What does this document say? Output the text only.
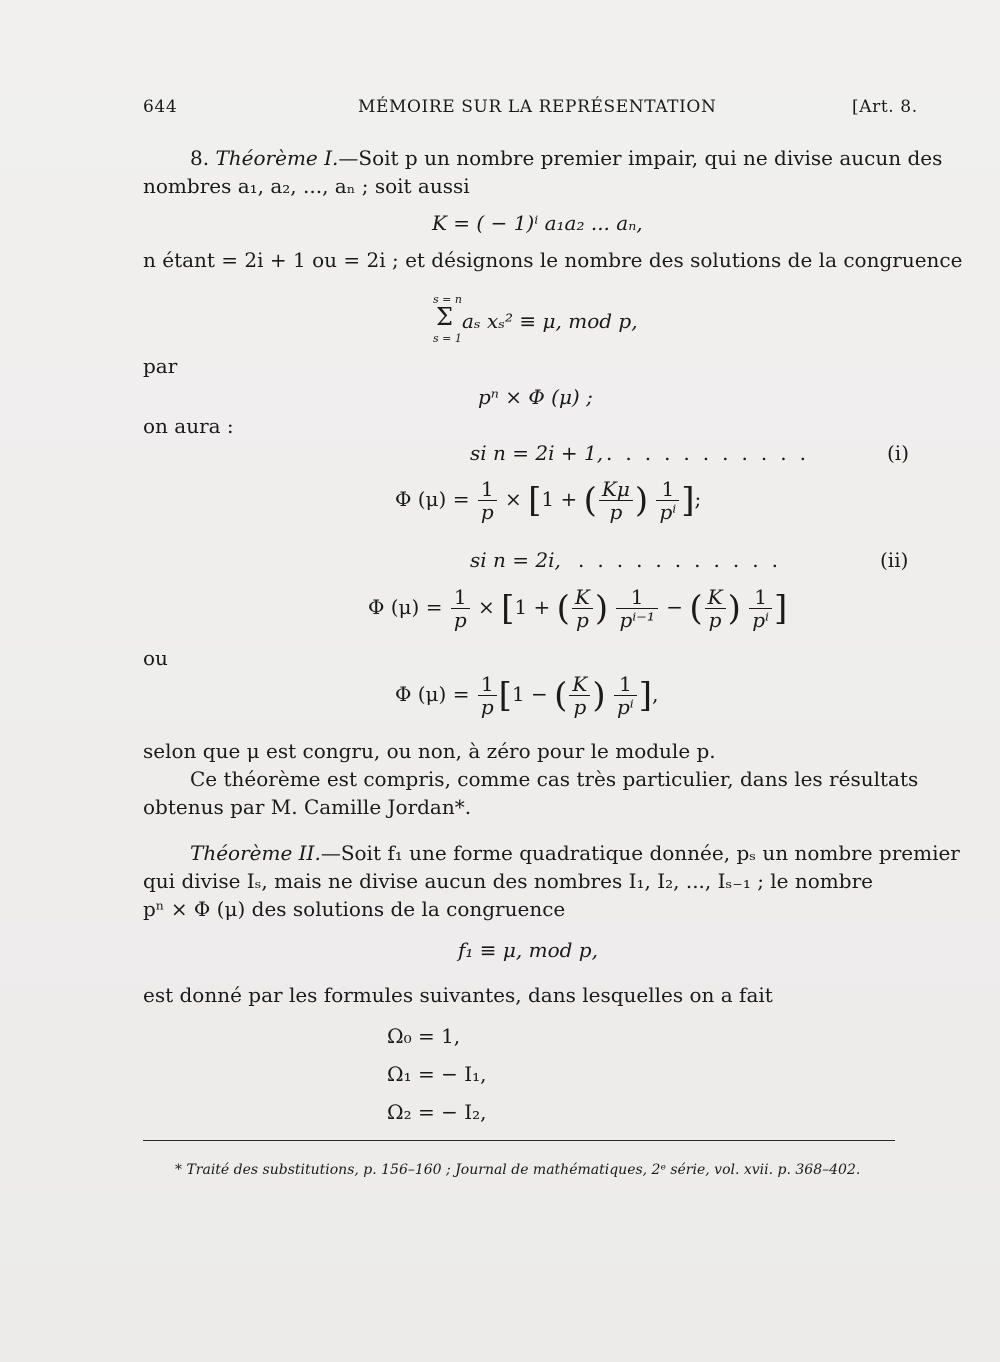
644	MÉMOIRE SUR LA REPRÉSENTATION	[Art. 8.
8. Théorème I.—Soit p un nombre premier impair, qui ne divise aucun des
nombres a₁, a₂, ..., aₙ ; soit aussi
K = ( − 1)ⁱ a₁a₂ ... aₙ,
n étant = 2i + 1 ou = 2i ; et désignons le nombre des solutions de la congruence
s = n
Σ
s = 1
aₛ xₛ² ≡ μ, mod p,
par
pⁿ × Φ (μ) ;
on aura :
si n = 2i + 1, ...........	(i)
Φ $(\mu) = \frac{1}{p} \times [1$ + ( $\frac{K\mu}{p}$ ) $\frac{1}{\text{pⁱ}}$ ];
si n = 2i, ...........	(ii)
Φ $(\mu) = \frac{1}{p} \times [1$ + ( $\frac{K}{p}$ ) $\frac{1}{\text{pⁱ⁻¹}}$ − ( $\frac{K}{p}$ ) $\frac{1}{\text{pⁱ}}$ ]
ou
Φ $(\mu) = \frac{1}{p} [1$ − ( $\frac{K}{p}$ ) $\frac{1}{\text{pⁱ}}$ ],
selon que μ est congru, ou non, à zéro pour le module p.
Ce théorème est compris, comme cas très particulier, dans les résultats
obtenus par M. Camille Jordan*.
Théorème II.—Soit f₁ une forme quadratique donnée, pₛ un nombre premier
qui divise Iₛ, mais ne divise aucun des nombres I₁, I₂, ..., Iₛ₋₁ ; le nombre
pⁿ × Φ (μ) des solutions de la congruence
f₁ ≡ μ, mod p,
est donné par les formules suivantes, dans lesquelles on a fait
Ω₀ = 1,
Ω₁ = − I₁,
Ω₂ = − I₂,
* Traité des substitutions, p. 156–160 ; Journal de mathématiques, 2ᵉ série, vol. xvii. p. 368–402.
